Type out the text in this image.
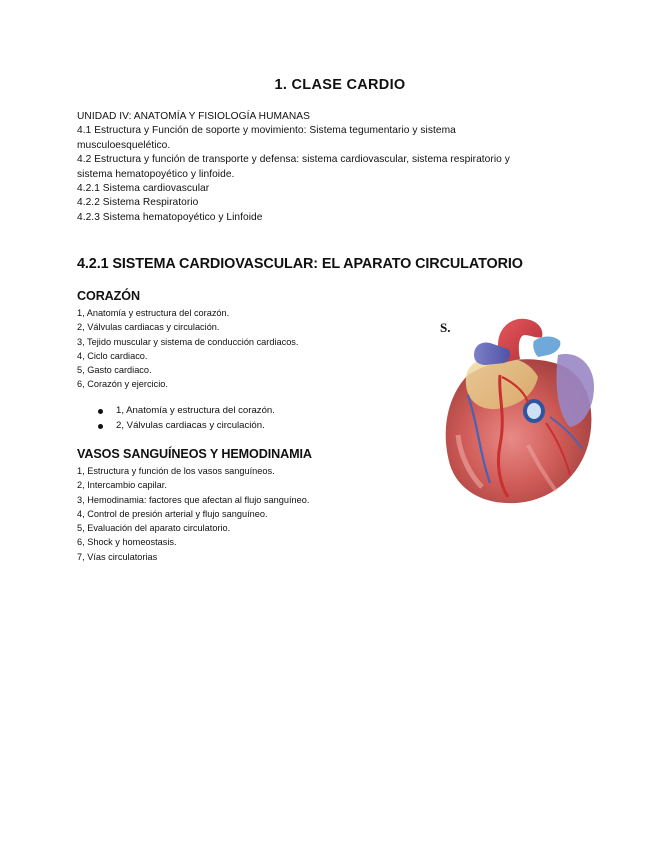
1. CLASE CARDIO

UNIDAD IV: ANATOMÍA Y FISIOLOGÍA HUMANAS

4.1 Estructura y Función de soporte y movimiento: Sistema tegumentario y sistema

musculoesquelético.

4.2 Estructura y función de transporte y defensa: sistema cardiovascular, sistema respiratorio y

sistema hematopoyético y linfoide.

4.2.1 Sistema cardiovascular

4.2.2 Sistema Respiratorio

4.2.3 Sistema hematopoyético y Linfoide

4.2.1 SISTEMA CARDIOVASCULAR: EL APARATO CIRCULATORIO
CORAZÓN
1, Anatomía y estructura del corazón.
2, Válvulas cardiacas y circulación.
3, Tejido muscular y sistema de conducción cardiacos.
4, Ciclo cardiaco.
5, Gasto cardiaco.
6, Corazón y ejercicio.
1, Anatomía y estructura del corazón.
2, Válvulas cardiacas y circulación.
VASOS SANGUÍNEOS Y HEMODINAMIA
1, Estructura y función de los vasos sanguíneos.
2, Intercambio capilar.
3, Hemodinamia: factores que afectan al flujo sanguíneo.
4, Control de presión arterial y flujo sanguíneo.
5, Evaluación del aparato circulatorio.
6, Shock y homeostasis.
7, Vías circulatorias
S.
